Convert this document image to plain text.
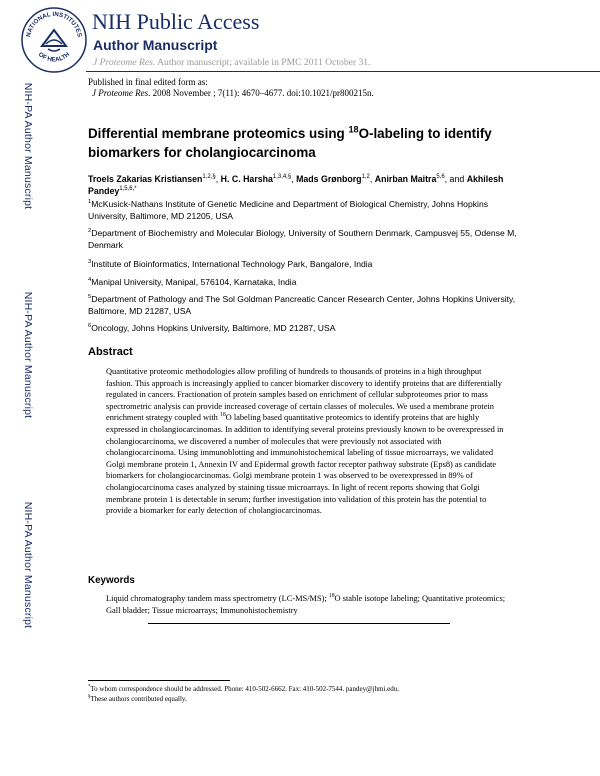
NATIONAL INSTITUTES
OF HEALTH
NIH Public Access
Author Manuscript
J Proteome Res. Author manuscript; available in PMC 2011 October 31.
NIH-PA Author Manuscript
NIH-PA Author Manuscript
NIH-PA Author Manuscript
Published in final edited form as:
J Proteome Res. 2008 November ; 7(11): 4670–4677. doi:10.1021/pr800215n.
Differential membrane proteomics using $^{18}$O-labeling to identify biomarkers for cholangiocarcinoma
Troels Zakarias Kristiansen$^{1,2,\S}$, H. C. Harsha$^{1,3,4,\S}$, Mads Grønborg$^{1,2}$, Anirban Maitra$^{5,6}$, and Akhilesh Pandey$^{1,5,6,*}$
$^1$McKusick-Nathans Institute of Genetic Medicine and Department of Biological Chemistry, Johns Hopkins University, Baltimore, MD 21205, USA
$^2$Department of Biochemistry and Molecular Biology, University of Southern Denmark, Campusvej 55, Odense M, Denmark
$^3$Institute of Bioinformatics, International Technology Park, Bangalore, India
$^4$Manipal University, Manipal, 576104, Karnataka, India
$^5$Department of Pathology and The Sol Goldman Pancreatic Cancer Research Center, Johns Hopkins University, Baltimore, MD 21287, USA
$^6$Oncology, Johns Hopkins University, Baltimore, MD 21287, USA
Abstract
Quantitative proteomic methodologies allow profiling of hundreds to thousands of proteins in a high throughput fashion. This approach is increasingly applied to cancer biomarker discovery to identify proteins that are differentially regulated in cancers. Fractionation of protein samples based on enrichment of cellular subproteomes prior to mass spectrometric analysis can provide increased coverage of certain classes of molecules. We used a membrane protein enrichment strategy coupled with $^{18}$O labeling based quantitative proteomics to identify proteins that are highly expressed in cholangiocarcinomas. In addition to identifying several proteins previously known to be overexpressed in cholangiocarcinoma, we discovered a number of molecules that were previously not associated with cholangiocarcinoma. Using immunoblotting and immunohistochemical labeling of tissue microarrays, we validated Golgi membrane protein 1, Annexin IV and Epidermal growth factor receptor pathway substrate (Eps8) as candidate biomarkers for cholangiocarcinomas. Golgi membrane protein 1 was observed to be overexpressed in 89% of cholangiocarcinoma cases analyzed by staining tissue microarrays. In light of recent reports showing that Golgi membrane protein 1 is detectable in serum; further investigation into validation of this protein has the potential to provide a biomarker for early detection of cholangiocarcinomas.
Keywords
Liquid chromatography tandem mass spectrometry (LC-MS/MS); $^{18}$O stable isotope labeling; Quantitative proteomics; Gall bladder; Tissue microarrays; Immunohistochemistry
*To whom correspondence should be addressed. Phone: 410-502-6662. Fax: 410-502-7544. pandey@jhmi.edu.
§These authors contributed equally.
